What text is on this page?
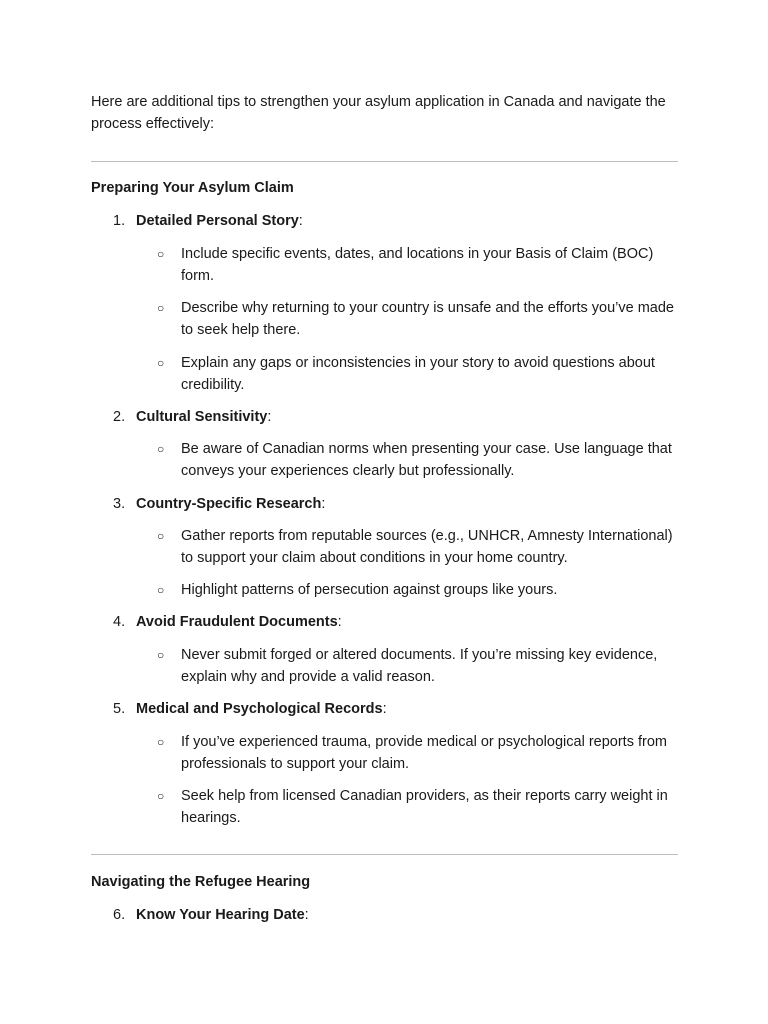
Here are additional tips to strengthen your asylum application in Canada and navigate the process effectively:

Preparing Your Asylum Claim

1. Detailed Personal Story:
○ Include specific events, dates, and locations in your Basis of Claim (BOC) form.
○ Describe why returning to your country is unsafe and the efforts you’ve made to seek help there.
○ Explain any gaps or inconsistencies in your story to avoid questions about credibility.
2. Cultural Sensitivity:
○ Be aware of Canadian norms when presenting your case. Use language that conveys your experiences clearly but professionally.
3. Country-Specific Research:
○ Gather reports from reputable sources (e.g., UNHCR, Amnesty International) to support your claim about conditions in your home country.
○ Highlight patterns of persecution against groups like yours.
4. Avoid Fraudulent Documents:
○ Never submit forged or altered documents. If you’re missing key evidence, explain why and provide a valid reason.
5. Medical and Psychological Records:
○ If you’ve experienced trauma, provide medical or psychological reports from professionals to support your claim.
○ Seek help from licensed Canadian providers, as their reports carry weight in hearings.

Navigating the Refugee Hearing

6. Know Your Hearing Date:
